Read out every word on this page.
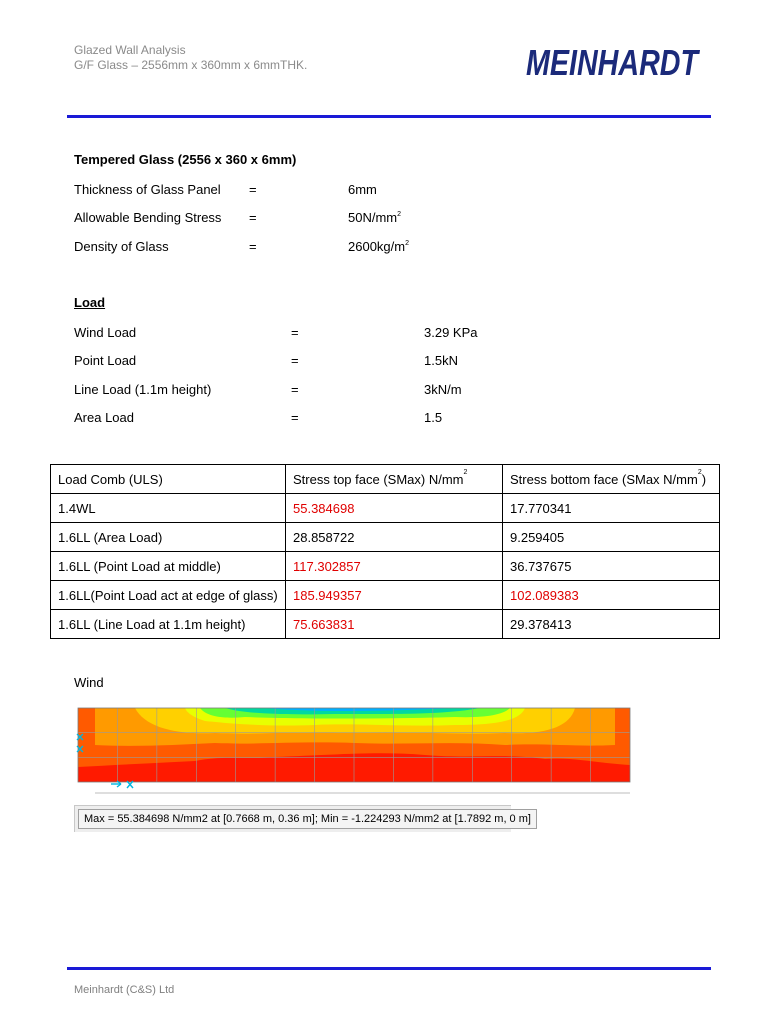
Glazed Wall Analysis
G/F Glass – 2556mm x 360mm x 6mmTHK.	MEINHARDT
Tempered Glass (2556 x 360 x 6mm)
Thickness of Glass Panel =	6mm
Allowable Bending Stress =	$50N/mm^2$
Density of Glass	=	$2600kg/m^2$
Load
Wind Load	=	3.29 KPa
Point Load	=	1.5kN
Line Load (1.1m height)	=	3kN/m
Area Load	=	1.5
Load Comb (ULS)	Stress top face (SMax) $N/mm^2$	Stress bottom face (SMax $N/mm^2$)
1.4WL	55.384698	17.770341
1.6LL (Area Load)	28.858722	9.259405
1.6LL (Point Load at middle)	117.302857	36.737675
1.6LL(Point Load act at edge of glass)	185.949357	102.089383
1.6LL (Line Load at 1.1m height)	75.663831	29.378413
Wind
Max = 55.384698 N/mm2 at [0.7668 m, 0.36 m]; Min = -1.224293 N/mm2 at [1.7892 m, 0 m]
Meinhardt (C&S) Ltd
